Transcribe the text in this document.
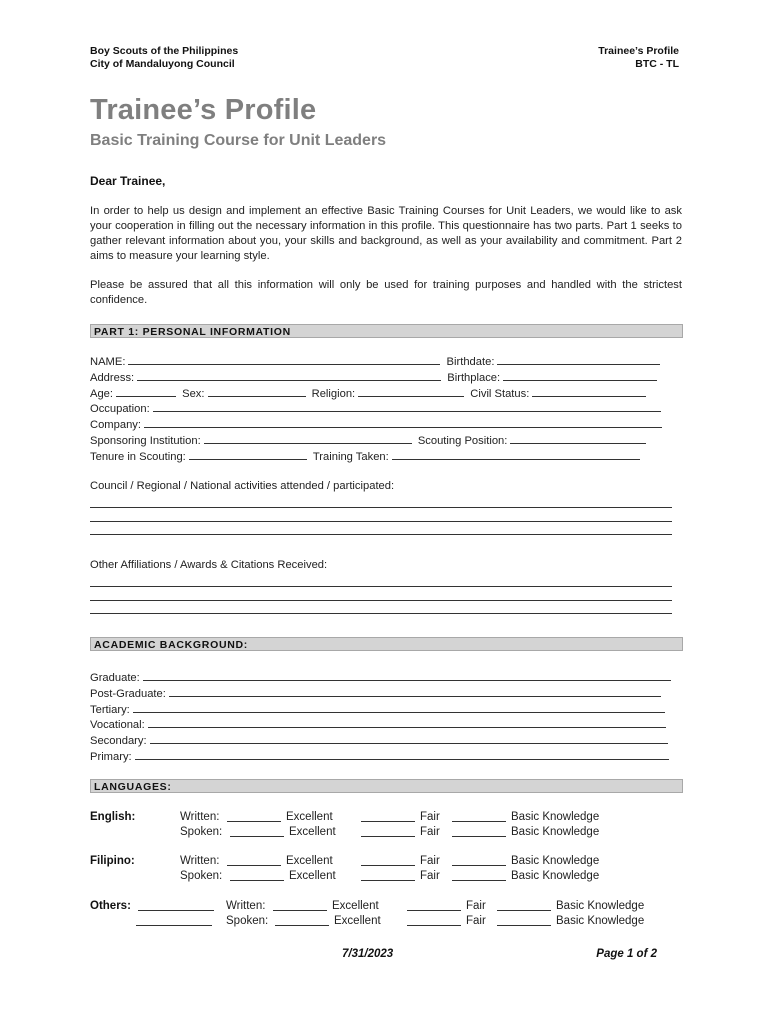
Boy Scouts of the Philippines
City of Mandaluyong Council
Trainee’s Profile
BTC - TL
Trainee’s Profile
Basic Training Course for Unit Leaders
Dear Trainee,
In order to help us design and implement an effective Basic Training Courses for Unit Leaders, we would like to ask your cooperation in filling out the necessary information in this profile. This questionnaire has two parts. Part 1 seeks to gather relevant information about you, your skills and background, as well as your availability and commitment. Part 2 aims to measure your learning style.
Please be assured that all this information will only be used for training purposes and handled with the strictest confidence.
PART 1: PERSONAL INFORMATION
NAME:	Birthdate:
Address:	Birthplace:
Age:	Sex:	Religion:	Civil Status:
Occupation:
Company:
Sponsoring Institution:	Scouting Position:
Tenure in Scouting:	Training Taken:
Council / Regional / National activities attended / participated:
Other Affiliations / Awards & Citations Received:
ACADEMIC BACKGROUND:
Graduate:
Post-Graduate:
Tertiary:
Vocational:
Secondary:
Primary:
LANGUAGES:
English:	Written:	Excellent	Fair	Basic Knowledge
Spoken:	Excellent	Fair	Basic Knowledge
Filipino:	Written:	Excellent	Fair	Basic Knowledge
Spoken:	Excellent	Fair	Basic Knowledge
Others:	Written:	Excellent	Fair	Basic Knowledge
Spoken:	Excellent	Fair	Basic Knowledge
7/31/2023	Page 1 of 2
